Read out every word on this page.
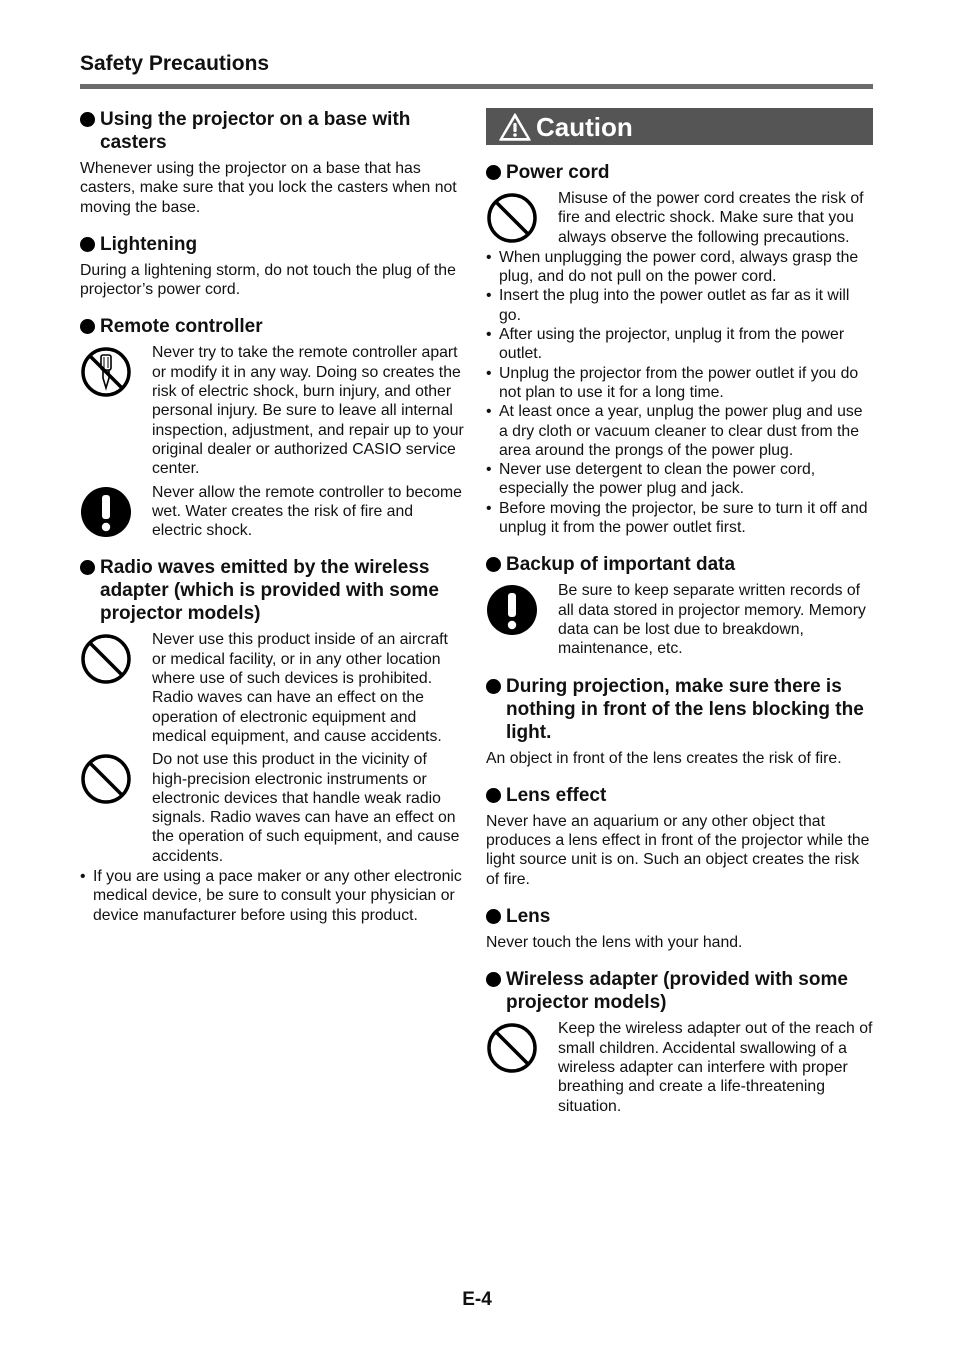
Safety Precautions
Using the projector on a base with casters
Whenever using the projector on a base that has casters, make sure that you lock the casters when not moving the base.
Lightening
During a lightening storm, do not touch the plug of the projector’s power cord.
Remote controller
Never try to take the remote controller apart or modify it in any way. Doing so creates the risk of electric shock, burn injury, and other personal injury. Be sure to leave all internal inspection, adjustment, and repair up to your original dealer or authorized CASIO service center.
Never allow the remote controller to become wet. Water creates the risk of fire and electric shock.
Radio waves emitted by the wireless adapter (which is provided with some projector models)
Never use this product inside of an aircraft or medical facility, or in any other location where use of such devices is prohibited. Radio waves can have an effect on the operation of electronic equipment and medical equipment, and cause accidents.
Do not use this product in the vicinity of high-precision electronic instruments or electronic devices that handle weak radio signals. Radio waves can have an effect on the operation of such equipment, and cause accidents.
• If you are using a pace maker or any other electronic medical device, be sure to consult your physician or device manufacturer before using this product.
Caution
Power cord
Misuse of the power cord creates the risk of fire and electric shock. Make sure that you always observe the following precautions.
• When unplugging the power cord, always grasp the plug, and do not pull on the power cord.
• Insert the plug into the power outlet as far as it will go.
• After using the projector, unplug it from the power outlet.
• Unplug the projector from the power outlet if you do not plan to use it for a long time.
• At least once a year, unplug the power plug and use a dry cloth or vacuum cleaner to clear dust from the area around the prongs of the power plug.
• Never use detergent to clean the power cord, especially the power plug and jack.
• Before moving the projector, be sure to turn it off and unplug it from the power outlet first.
Backup of important data
Be sure to keep separate written records of all data stored in projector memory. Memory data can be lost due to breakdown, maintenance, etc.
During projection, make sure there is nothing in front of the lens blocking the light.
An object in front of the lens creates the risk of fire.
Lens effect
Never have an aquarium or any other object that produces a lens effect in front of the projector while the light source unit is on. Such an object creates the risk of fire.
Lens
Never touch the lens with your hand.
Wireless adapter (provided with some projector models)
Keep the wireless adapter out of the reach of small children. Accidental swallowing of a wireless adapter can interfere with proper breathing and create a life-threatening situation.
E-4
